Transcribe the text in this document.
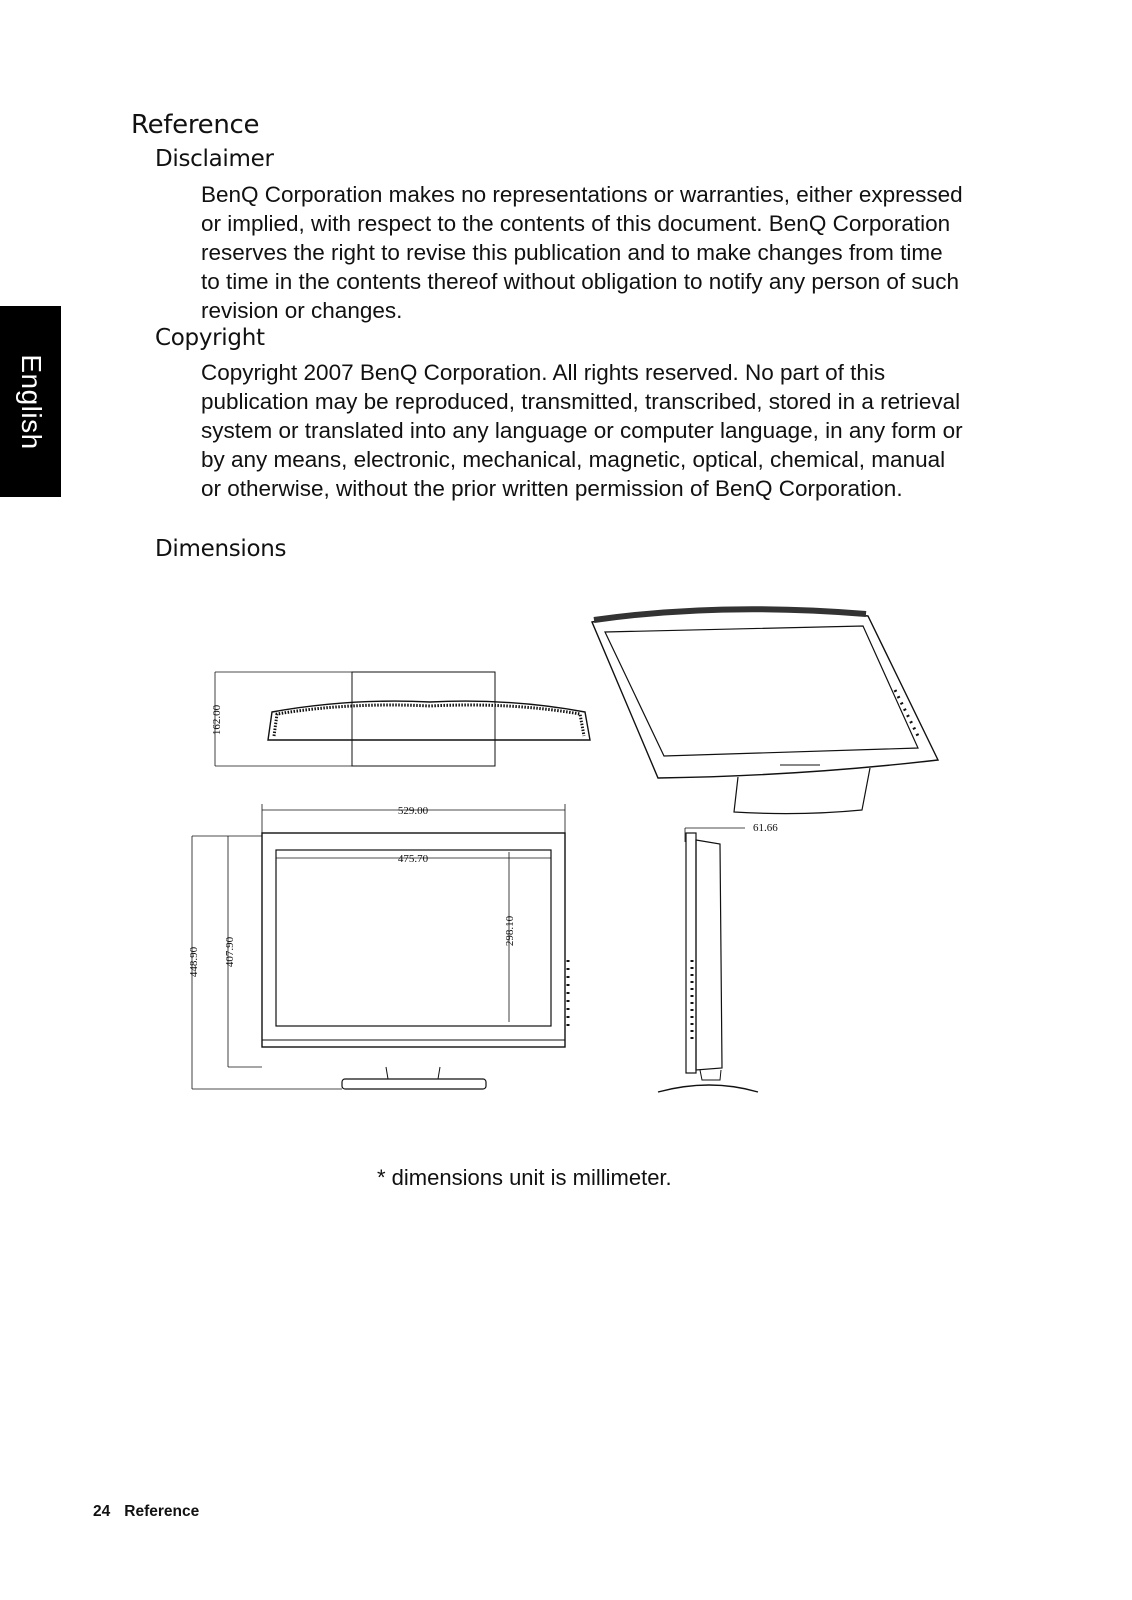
English
Reference
Disclaimer
BenQ Corporation makes no representations or warranties, either expressed
or implied, with respect to the contents of this document. BenQ Corporation
reserves the right to revise this publication and to make changes from time
to time in the contents thereof without obligation to notify any person of such
revision or changes.
Copyright
Copyright 2007 BenQ Corporation. All rights reserved. No part of this
publication may be reproduced, transmitted, transcribed, stored in a retrieval
system or translated into any language or computer language, in any form or
by any means, electronic, mechanical, magnetic, optical, chemical, manual
or otherwise, without the prior written permission of BenQ Corporation.
Dimensions
162.00
529.00
475.70
298.10
448.90 407.90
61.66

* dimensions unit is millimeter.

24 Reference
